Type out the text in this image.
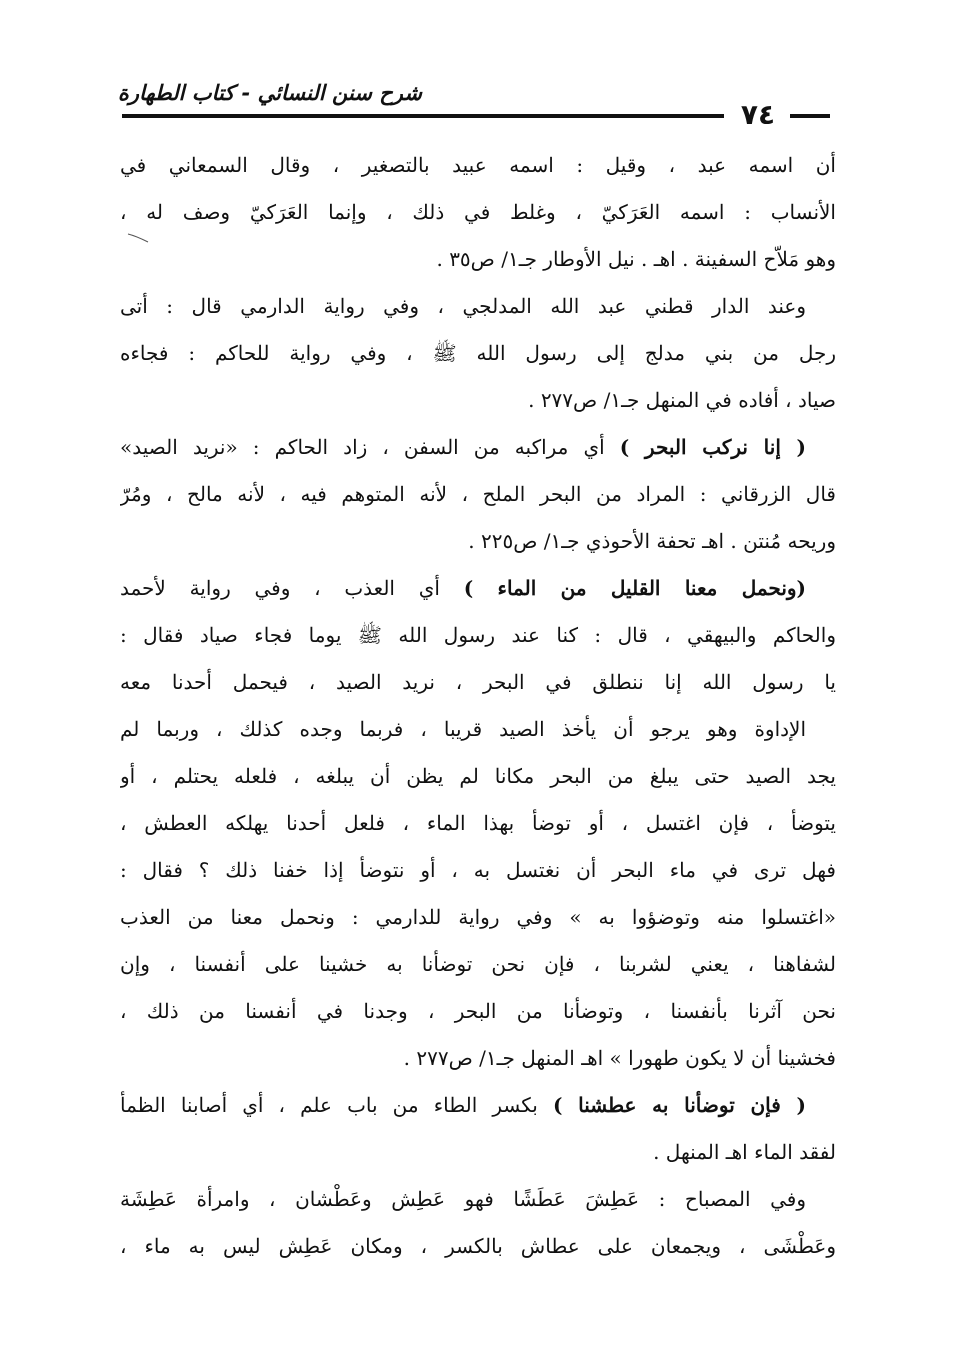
شرح سنن النسائي - كتاب الطهارة
٧٤
أن اسمه عبد ، وقيل : اسمه عبيد بالتصغير ، وقال السمعاني في
الأنساب : اسمه العَرَكيّ ، وغلط في ذلك ، وإنما العَرَكيّ وصف له ،
وهو مَلاّح السفينة . اهـ . نيل الأوطار جـ١/ ص٣٥ .
وعند الدار قطني عبد الله المدلجي ، وفي رواية الدارمي قال : أتى
رجل من بني مدلج إلى رسول الله ﷺ ، وفي رواية للحاكم : فجاءه
صياد ، أفاده في المنهل جـ١/ ص٢٧٧ .
( إنا نركب البحر ) أي مراكبه من السفن ، زاد الحاكم : «نريد الصيد»
قال الزرقاني : المراد من البحر الملح ، لأنه المتوهم فيه ، لأنه مالح ، ومُرّ
وريحه مُنتن . اهـ تحفة الأحوذي جـ١/ ص٢٢٥ .
(ونحمل معنا القليل من الماء ) أي العذب ، وفي رواية لأحمد
والحاكم والبيهقي ، قال : كنا عند رسول الله ﷺ يوما فجاء صياد فقال :
يا رسول الله إنا ننطلق في البحر ، نريد الصيد ، فيحمل أحدنا معه
الإداوة وهو يرجو أن يأخذ الصيد قريبا ، فربما وجده كذلك ، وربما لم
يجد الصيد حتى يبلغ من البحر مكانا لم يظن أن يبلغه ، فلعله يحتلم ، أو
يتوضأ ، فإن اغتسل ، أو توضأ بهذا الماء ، فلعل أحدنا يهلكه العطش ،
فهل ترى في ماء البحر أن نغتسل به ، أو نتوضأ إذا خفنا ذلك ؟ فقال :
«اغتسلوا منه وتوضؤوا به » وفي رواية للدارمي : ونحمل معنا من العذب
لشفاهنا ، يعني لشربنا ، فإن نحن توضأنا به خشينا على أنفسنا ، وإن
نحن آثرنا بأنفسنا ، وتوضأنا من البحر ، وجدنا في أنفسنا من ذلك ،
فخشينا أن لا يكون طهورا » اهـ المنهل جـ١/ ص٢٧٧ .
( فإن توضأنا به عطشنا ) بكسر الطاء من باب علم ، أي أصابنا الظمأ
لفقد الماء اهـ المنهل .
وفي المصباح : عَطِشَ عَطَشًا فهو عَطِش وعَطْشان ، وامرأة عَطِشَة
وعَطْشَى ، ويجمعان على عطاش بالكسر ، ومكان عَطِش ليس به ماء ،
